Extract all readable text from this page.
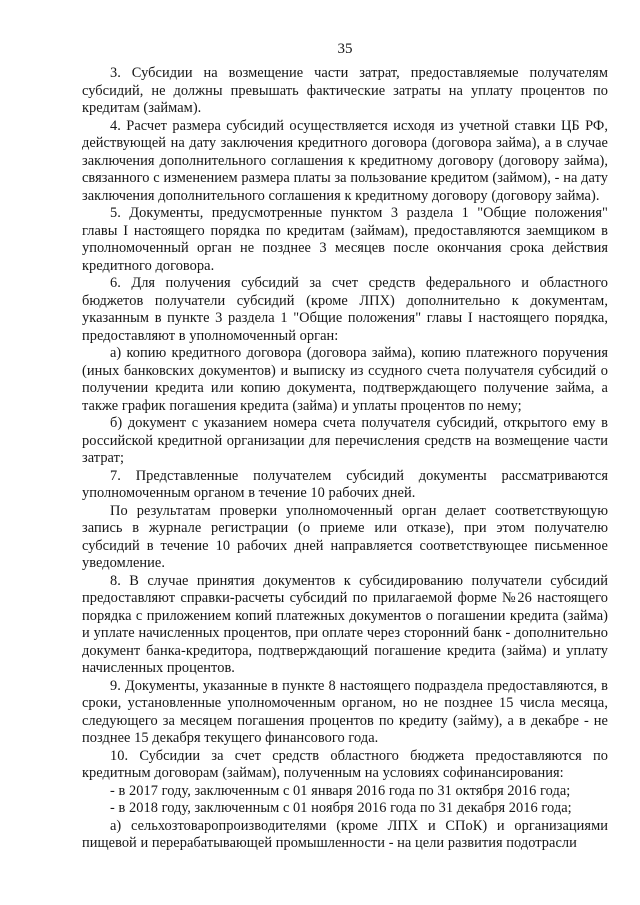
35

3. Субсидии на возмещение части затрат, предоставляемые получателям субсидий, не должны превышать фактические затраты на уплату процентов по кредитам (займам).

4. Расчет размера субсидий осуществляется исходя из учетной ставки ЦБ РФ, действующей на дату заключения кредитного договора (договора займа), а в случае заключения дополнительного соглашения к кредитному договору (договору займа), связанного с изменением размера платы за пользование кредитом (займом), - на дату заключения дополнительного соглашения к кредитному договору (договору займа).

5. Документы, предусмотренные пунктом 3 раздела 1 "Общие положения" главы I настоящего порядка по кредитам (займам), предоставляются заемщиком в уполномоченный орган не позднее 3 месяцев после окончания срока действия кредитного договора.

6. Для получения субсидий за счет средств федерального и областного бюджетов получатели субсидий (кроме ЛПХ) дополнительно к документам, указанным в пункте 3 раздела 1 "Общие положения" главы I настоящего порядка, предоставляют в уполномоченный орган:

а) копию кредитного договора (договора займа), копию платежного поручения (иных банковских документов) и выписку из ссудного счета получателя субсидий о получении кредита или копию документа, подтверждающего получение займа, а также график погашения кредита (займа) и уплаты процентов по нему;

б) документ с указанием номера счета получателя субсидий, открытого ему в российской кредитной организации для перечисления средств на возмещение части затрат;

7. Представленные получателем субсидий документы рассматриваются уполномоченным органом в течение 10 рабочих дней.

По результатам проверки уполномоченный орган делает соответствующую запись в журнале регистрации (о приеме или отказе), при этом получателю субсидий в течение 10 рабочих дней направляется соответствующее письменное уведомление.

8. В случае принятия документов к субсидированию получатели субсидий предоставляют справки-расчеты субсидий по прилагаемой форме №26 настоящего порядка с приложением копий платежных документов о погашении кредита (займа) и уплате начисленных процентов, при оплате через сторонний банк - дополнительно документ банка-кредитора, подтверждающий погашение кредита (займа) и уплату начисленных процентов.

9. Документы, указанные в пункте 8 настоящего подраздела предоставляются, в сроки, установленные уполномоченным органом, но не позднее 15 числа месяца, следующего за месяцем погашения процентов по кредиту (займу), а в декабре - не позднее 15 декабря текущего финансового года.

10. Субсидии за счет средств областного бюджета предоставляются по кредитным договорам (займам), полученным на условиях софинансирования:

- в 2017 году, заключенным с 01 января 2016 года по 31 октября 2016 года;

- в 2018 году, заключенным с 01 ноября 2016 года по 31 декабря 2016 года;

а) сельхозтоваропроизводителями (кроме ЛПХ и СПоК) и организациями пищевой и перерабатывающей промышленности - на цели развития подотрасли
